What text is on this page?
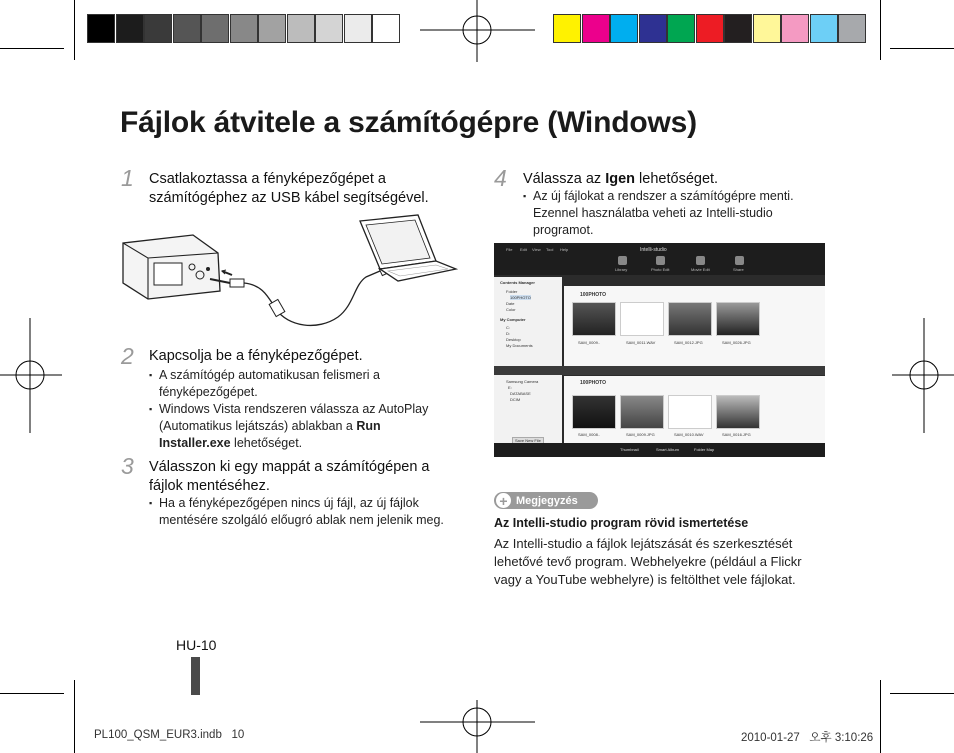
Fájlok átvitele a számítógépre (Windows)
1 Csatlakoztassa a fényképezőgépet a számítógéphez az USB kábel segítségével.
2 Kapcsolja be a fényképezőgépet.
▪ A számítógép automatikusan felismeri a fényképezőgépet.
▪ Windows Vista rendszeren válassza az AutoPlay (Automatikus lejátszás) ablakban a Run Installer.exe lehetőséget.
3 Válasszon ki egy mappát a számítógépen a fájlok mentéséhez.
▪ Ha a fényképezőgépen nincs új fájl, az új fájlok mentésére szolgáló előugró ablak nem jelenik meg.
4 Válassza az Igen lehetőséget.
▪ Az új fájlokat a rendszer a számítógépre menti. Ezennel használatba veheti az Intelli-studio programot.
Intelli-studio
File Edit View Tool Help
Library	Photo Edit	Movie Edit	Share
Contents Manager
Folder
100PHOTO
Date
Color
My Computer
C:
D:
Desktop
My Documents
Samsung Camera
E:
DATABASE
DCIM
Save New File
100PHOTO
SAM_0009..	SAM_0011.WAV	SAM_0012.JPG	SAM_0026.JPG
100PHOTO
SAM_0008..	SAM_0009.JPG	SAM_0010.WAV	SAM_0016.JPG
Thumbnail	Smart Album	Folder Map
+ Megjegyzés
Az Intelli-studio program rövid ismertetése
Az Intelli-studio a fájlok lejátszását és szerkesztését lehetővé tevő program. Webhelyekre (például a Flickr vagy a YouTube webhelyre) is feltölthet vele fájlokat.
HU-10
PL100_QSM_EUR3.indb   10	2010-01-27   오후 3:10:26
